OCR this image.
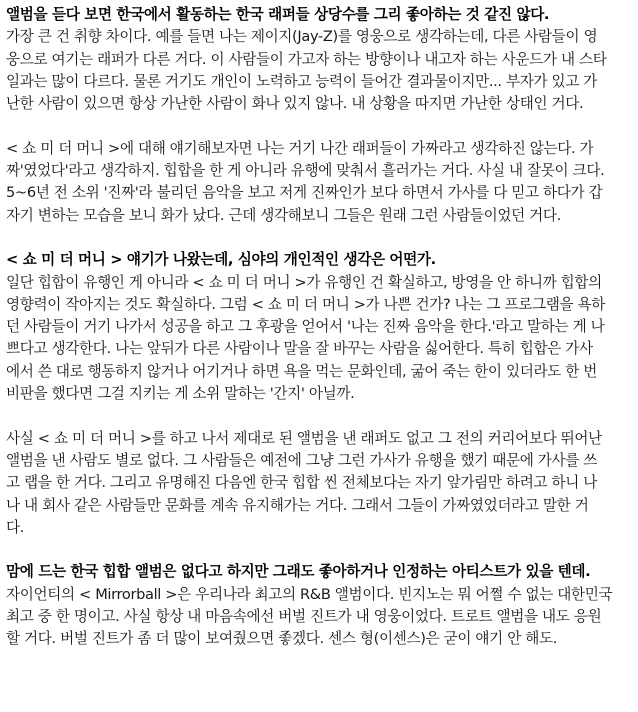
앨범을 듣다 보면 한국에서 활동하는 한국 래퍼들 상당수를 그리 좋아하는 것 같진 않다.
가장 큰 건 취향 차이다. 예를 들면 나는 제이지(Jay-Z)를 영웅으로 생각하는데, 다른 사람들이 영
웅으로 여기는 래퍼가 다른 거다. 이 사람들이 가고자 하는 방향이나 내고자 하는 사운드가 내 스타
일과는 많이 다르다. 물론 거기도 개인이 노력하고 능력이 들어간 결과물이지만... 부자가 있고 가
난한 사람이 있으면 항상 가난한 사람이 화나 있지 않나. 내 상황을 따지면 가난한 상태인 거다.
< 쇼 미 더 머니 >에 대해 얘기해보자면 나는 거기 나간 래퍼들이 가짜라고 생각하진 않는다. 가
짜'였었다'라고 생각하지. 힙합을 한 게 아니라 유행에 맞춰서 흘러가는 거다. 사실 내 잘못이 크다.
5~6년 전 소위 '진짜'라 불리던 음악을 보고 저게 진짜인가 보다 하면서 가사를 다 믿고 하다가 갑
자기 변하는 모습을 보니 화가 났다. 근데 생각해보니 그들은 원래 그런 사람들이었던 거다.
< 쇼 미 더 머니 > 얘기가 나왔는데, 심야의 개인적인 생각은 어떤가.
일단 힙합이 유행인 게 아니라 < 쇼 미 더 머니 >가 유행인 건 확실하고, 방영을 안 하니까 힙합의
영향력이 작아지는 것도 확실하다. 그럼 < 쇼 미 더 머니 >가 나쁜 건가? 나는 그 프로그램을 욕하
던 사람들이 거기 나가서 성공을 하고 그 후광을 얻어서 '나는 진짜 음악을 한다.'라고 말하는 게 나
쁘다고 생각한다. 나는 앞뒤가 다른 사람이나 말을 잘 바꾸는 사람을 싫어한다. 특히 힙합은 가사
에서 쓴 대로 행동하지 않거나 어기거나 하면 욕을 먹는 문화인데, 굶어 죽는 한이 있더라도 한 번
비판을 했다면 그걸 지키는 게 소위 말하는 '간지' 아닐까.
사실 < 쇼 미 더 머니 >를 하고 나서 제대로 된 앨범을 낸 래퍼도 없고 그 전의 커리어보다 뛰어난
앨범을 낸 사람도 별로 없다. 그 사람들은 예전에 그냥 그런 가사가 유행을 했기 때문에 가사를 쓰
고 랩을 한 거다. 그리고 유명해진 다음엔 한국 힙합 씬 전체보다는 자기 앞가림만 하려고 하니 나
나 내 회사 같은 사람들만 문화를 계속 유지해가는 거다. 그래서 그들이 가짜였었더라고 말한 거
다.
맘에 드는 한국 힙합 앨범은 없다고 하지만 그래도 좋아하거나 인정하는 아티스트가 있을 텐데.
자이언티의 < Mirrorball >은 우리나라 최고의 R&B 앨범이다. 빈지노는 뭐 어쩔 수 없는 대한민국
최고 중 한 명이고. 사실 항상 내 마음속에선 버벌 진트가 내 영웅이었다. 트로트 앨범을 내도 응원
할 거다. 버벌 진트가 좀 더 많이 보여줬으면 좋겠다. 센스 형(이센스)은 굳이 얘기 안 해도.
